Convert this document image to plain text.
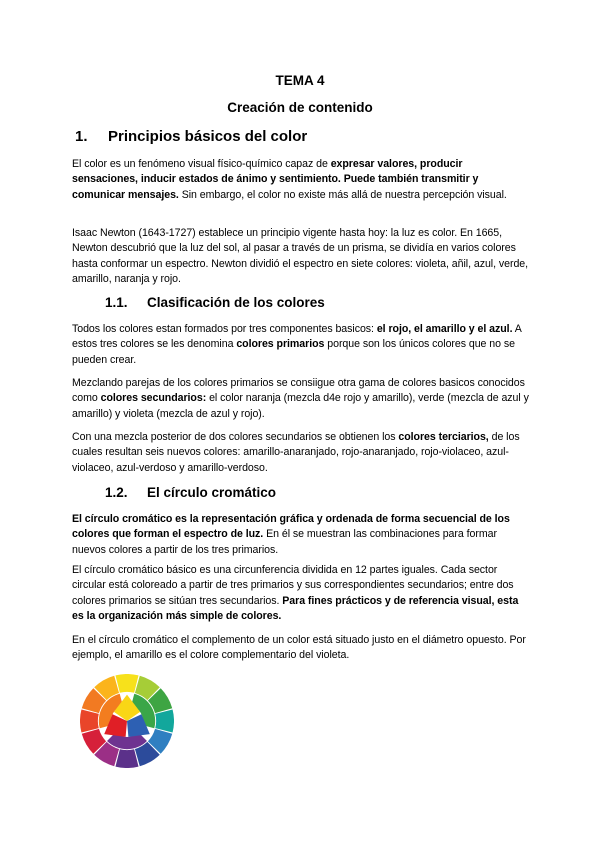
TEMA 4
Creación de contenido
1. Principios básicos del color
El color es un fenómeno visual físico-químico capaz de expresar valores, producir sensaciones, inducir estados de ánimo y sentimiento. Puede también transmitir y comunicar mensajes. Sin embargo, el color no existe más allá de nuestra percepción visual.
Isaac Newton (1643-1727) establece un principio vigente hasta hoy: la luz es color. En 1665, Newton descubrió que la luz del sol, al pasar a través de un prisma, se dividía en varios colores hasta conformar un espectro. Newton dividió el espectro en siete colores: violeta, añil, azul, verde, amarillo, naranja y rojo.
1.1. Clasificación de los colores
Todos los colores estan formados por tres componentes basicos: el rojo, el amarillo y el azul. A estos tres colores se les denomina colores primarios porque son los únicos colores que no se pueden crear.
Mezclando parejas de los colores primarios se consiigue otra gama de colores basicos conocidos como colores secundarios: el color naranja (mezcla d4e rojo y amarillo), verde (mezcla de azul y amarillo) y violeta (mezcla de azul y rojo).
Con una mezcla posterior de dos colores secundarios se obtienen los colores terciarios, de los cuales resultan seis nuevos colores: amarillo-anaranjado, rojo-anaranjado, rojo-violaceo, azul-violaceo, azul-verdoso y amarillo-verdoso.
1.2. El círculo cromático
El círculo cromático es la representación gráfica y ordenada de forma secuencial de los colores que forman el espectro de luz. En él se muestran las combinaciones para formar nuevos colores a partir de los tres primarios.
El círculo cromático básico es una circunferencia dividida en 12 partes iguales. Cada sector circular está coloreado a partir de tres primarios y sus correspondientes secundarios; entre dos colores primarios se sitúan tres secundarios. Para fines prácticos y de referencia visual, esta es la organización más simple de colores.
En el círculo cromático el complemento de un color está situado justo en el diámetro opuesto. Por ejemplo, el amarillo es el colore complementario del violeta.
